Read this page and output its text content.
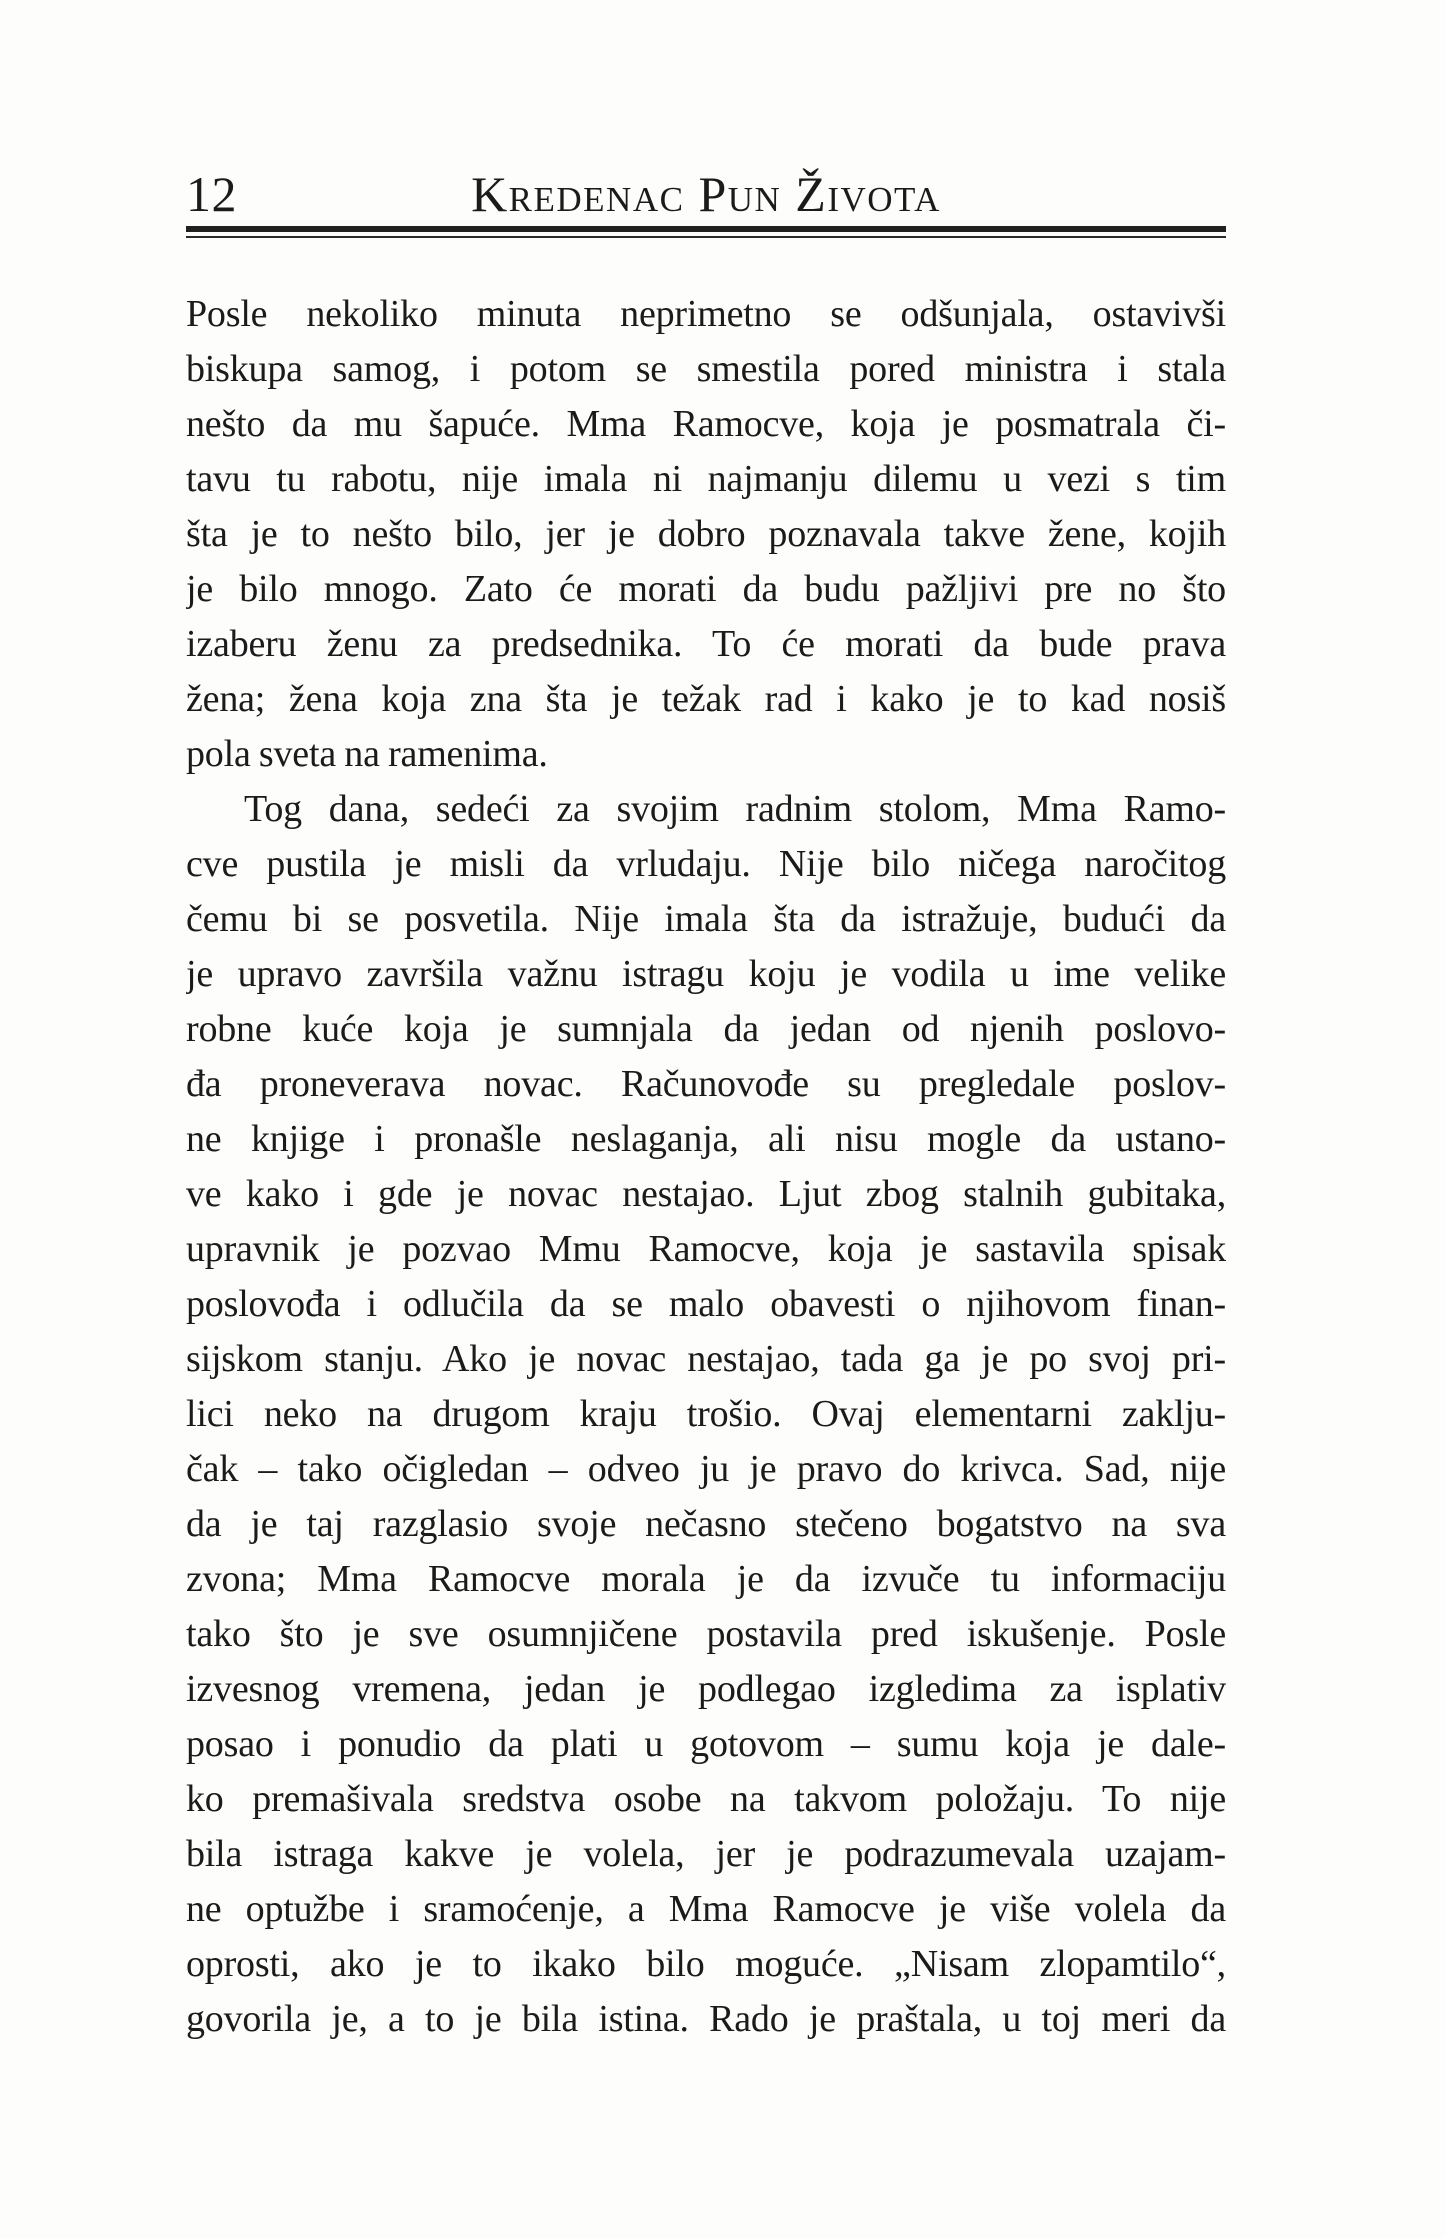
12	Kredenac Pun Života
Posle nekoliko minuta neprimetno se odšunjala, ostavivši
biskupa samog, i potom se smestila pored ministra i stala
nešto da mu šapuće. Mma Ramocve, koja je posmatrala či-
tavu tu rabotu, nije imala ni najmanju dilemu u vezi s tim
šta je to nešto bilo, jer je dobro poznavala takve žene, kojih
je bilo mnogo. Zato će morati da budu pažljivi pre no što
izaberu ženu za predsednika. To će morati da bude prava
žena; žena koja zna šta je težak rad i kako je to kad nosiš
pola sveta na ramenima.
Tog dana, sedeći za svojim radnim stolom, Mma Ramo-
cve pustila je misli da vrludaju. Nije bilo ničega naročitog
čemu bi se posvetila. Nije imala šta da istražuje, budući da
je upravo završila važnu istragu koju je vodila u ime velike
robne kuće koja je sumnjala da jedan od njenih poslovo-
đa proneverava novac. Računovođe su pregledale poslov-
ne knjige i pronašle neslaganja, ali nisu mogle da ustano-
ve kako i gde je novac nestajao. Ljut zbog stalnih gubitaka,
upravnik je pozvao Mmu Ramocve, koja je sastavila spisak
poslovođa i odlučila da se malo obavesti o njihovom finan-
sijskom stanju. Ako je novac nestajao, tada ga je po svoj pri-
lici neko na drugom kraju trošio. Ovaj elementarni zaklju-
čak – tako očigledan – odveo ju je pravo do krivca. Sad, nije
da je taj razglasio svoje nečasno stečeno bogatstvo na sva
zvona; Mma Ramocve morala je da izvuče tu informaciju
tako što je sve osumnjičene postavila pred iskušenje. Posle
izvesnog vremena, jedan je podlegao izgledima za isplativ
posao i ponudio da plati u gotovom – sumu koja je dale-
ko premašivala sredstva osobe na takvom položaju. To nije
bila istraga kakve je volela, jer je podrazumevala uzajam-
ne optužbe i sramoćenje, a Mma Ramocve je više volela da
oprosti, ako je to ikako bilo moguće. „Nisam zlopamtilo“,
govorila je, a to je bila istina. Rado je praštala, u toj meri da
